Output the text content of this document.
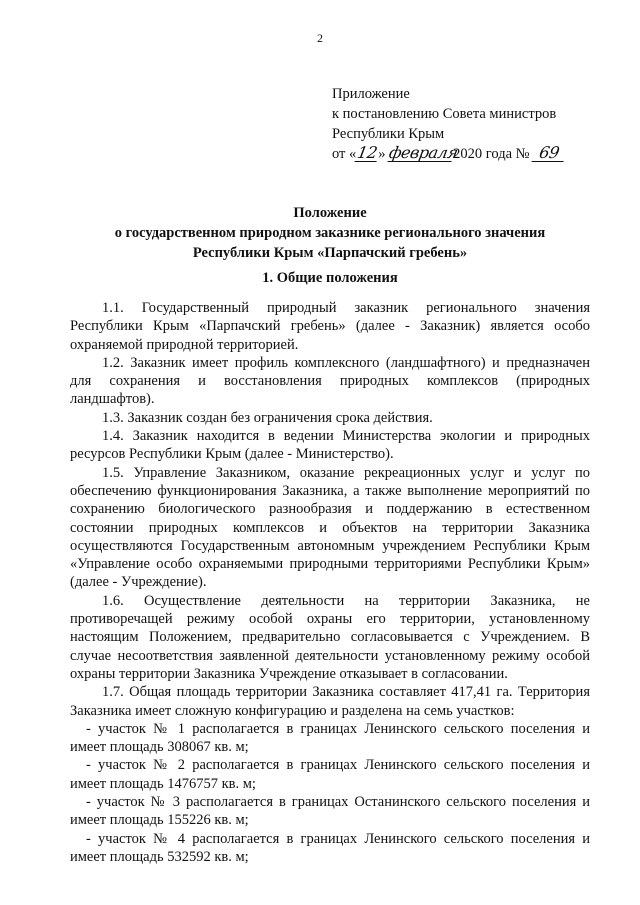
2
Приложение
к постановлению Совета министров
Республики Крым
от «12» февраля2020 года № 69
Положение
о государственном природном заказнике регионального значения
Республики Крым «Парпачский гребень»
1. Общие положения

1.1. Государственный природный заказник регионального значения Республики Крым «Парпачский гребень» (далее - Заказник) является особо охраняемой природной территорией.

1.2. Заказник имеет профиль комплексного (ландшафтного) и предназначен для сохранения и восстановления природных комплексов (природных ландшафтов).

1.3. Заказник создан без ограничения срока действия.

1.4. Заказник находится в ведении Министерства экологии и природных ресурсов Республики Крым (далее - Министерство).

1.5. Управление Заказником, оказание рекреационных услуг и услуг по обеспечению функционирования Заказника, а также выполнение мероприятий по сохранению биологического разнообразия и поддержанию в естественном состоянии природных комплексов и объектов на территории Заказника осуществляются Государственным автономным учреждением Республики Крым «Управление особо охраняемыми природными территориями Республики Крым» (далее - Учреждение).

1.6. Осуществление деятельности на территории Заказника, не противоречащей режиму особой охраны его территории, установленному настоящим Положением, предварительно согласовывается с Учреждением. В случае несоответствия заявленной деятельности установленному режиму особой охраны территории Заказника Учреждение отказывает в согласовании.

1.7. Общая площадь территории Заказника составляет 417,41 га. Территория Заказника имеет сложную конфигурацию и разделена на семь участков:

- участок № 1 располагается в границах Ленинского сельского поселения и имеет площадь 308067 кв. м;

- участок № 2 располагается в границах Ленинского сельского поселения и имеет площадь 1476757 кв. м;

- участок № 3 располагается в границах Останинского сельского поселения и имеет площадь 155226 кв. м;

- участок № 4 располагается в границах Ленинского сельского поселения и имеет площадь 532592 кв. м;
